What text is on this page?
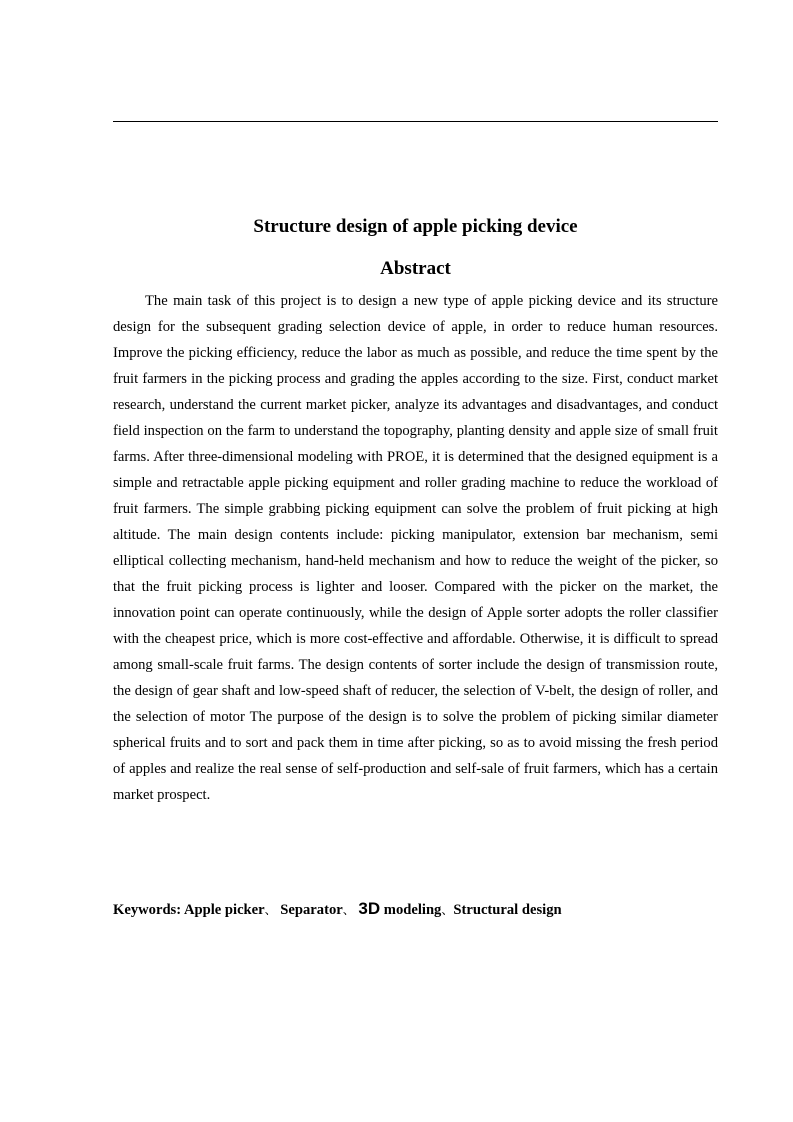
Structure design of apple picking device
Abstract

The main task of this project is to design a new type of apple picking device and its structure design for the subsequent grading selection device of apple, in order to reduce human resources. Improve the picking efficiency, reduce the labor as much as possible, and reduce the time spent by the fruit farmers in the picking process and grading the apples according to the size. First, conduct market research, understand the current market picker, analyze its advantages and disadvantages, and conduct field inspection on the farm to understand the topography, planting density and apple size of small fruit farms. After three-dimensional modeling with PROE, it is determined that the designed equipment is a simple and retractable apple picking equipment and roller grading machine to reduce the workload of fruit farmers. The simple grabbing picking equipment can solve the problem of fruit picking at high altitude. The main design contents include: picking manipulator, extension bar mechanism, semi elliptical collecting mechanism, hand-held mechanism and how to reduce the weight of the picker, so that the fruit picking process is lighter and looser. Compared with the picker on the market, the innovation point can operate continuously, while the design of Apple sorter adopts the roller classifier with the cheapest price, which is more cost-effective and affordable. Otherwise, it is difficult to spread among small-scale fruit farms. The design contents of sorter include the design of transmission route, the design of gear shaft and low-speed shaft of reducer, the selection of V-belt, the design of roller, and the selection of motor The purpose of the design is to solve the problem of picking similar diameter spherical fruits and to sort and pack them in time after picking, so as to avoid missing the fresh period of apples and realize the real sense of self-production and self-sale of fruit farmers, which has a certain market prospect.

Keywords: Apple picker、 Separator、 3D modeling、Structural design
